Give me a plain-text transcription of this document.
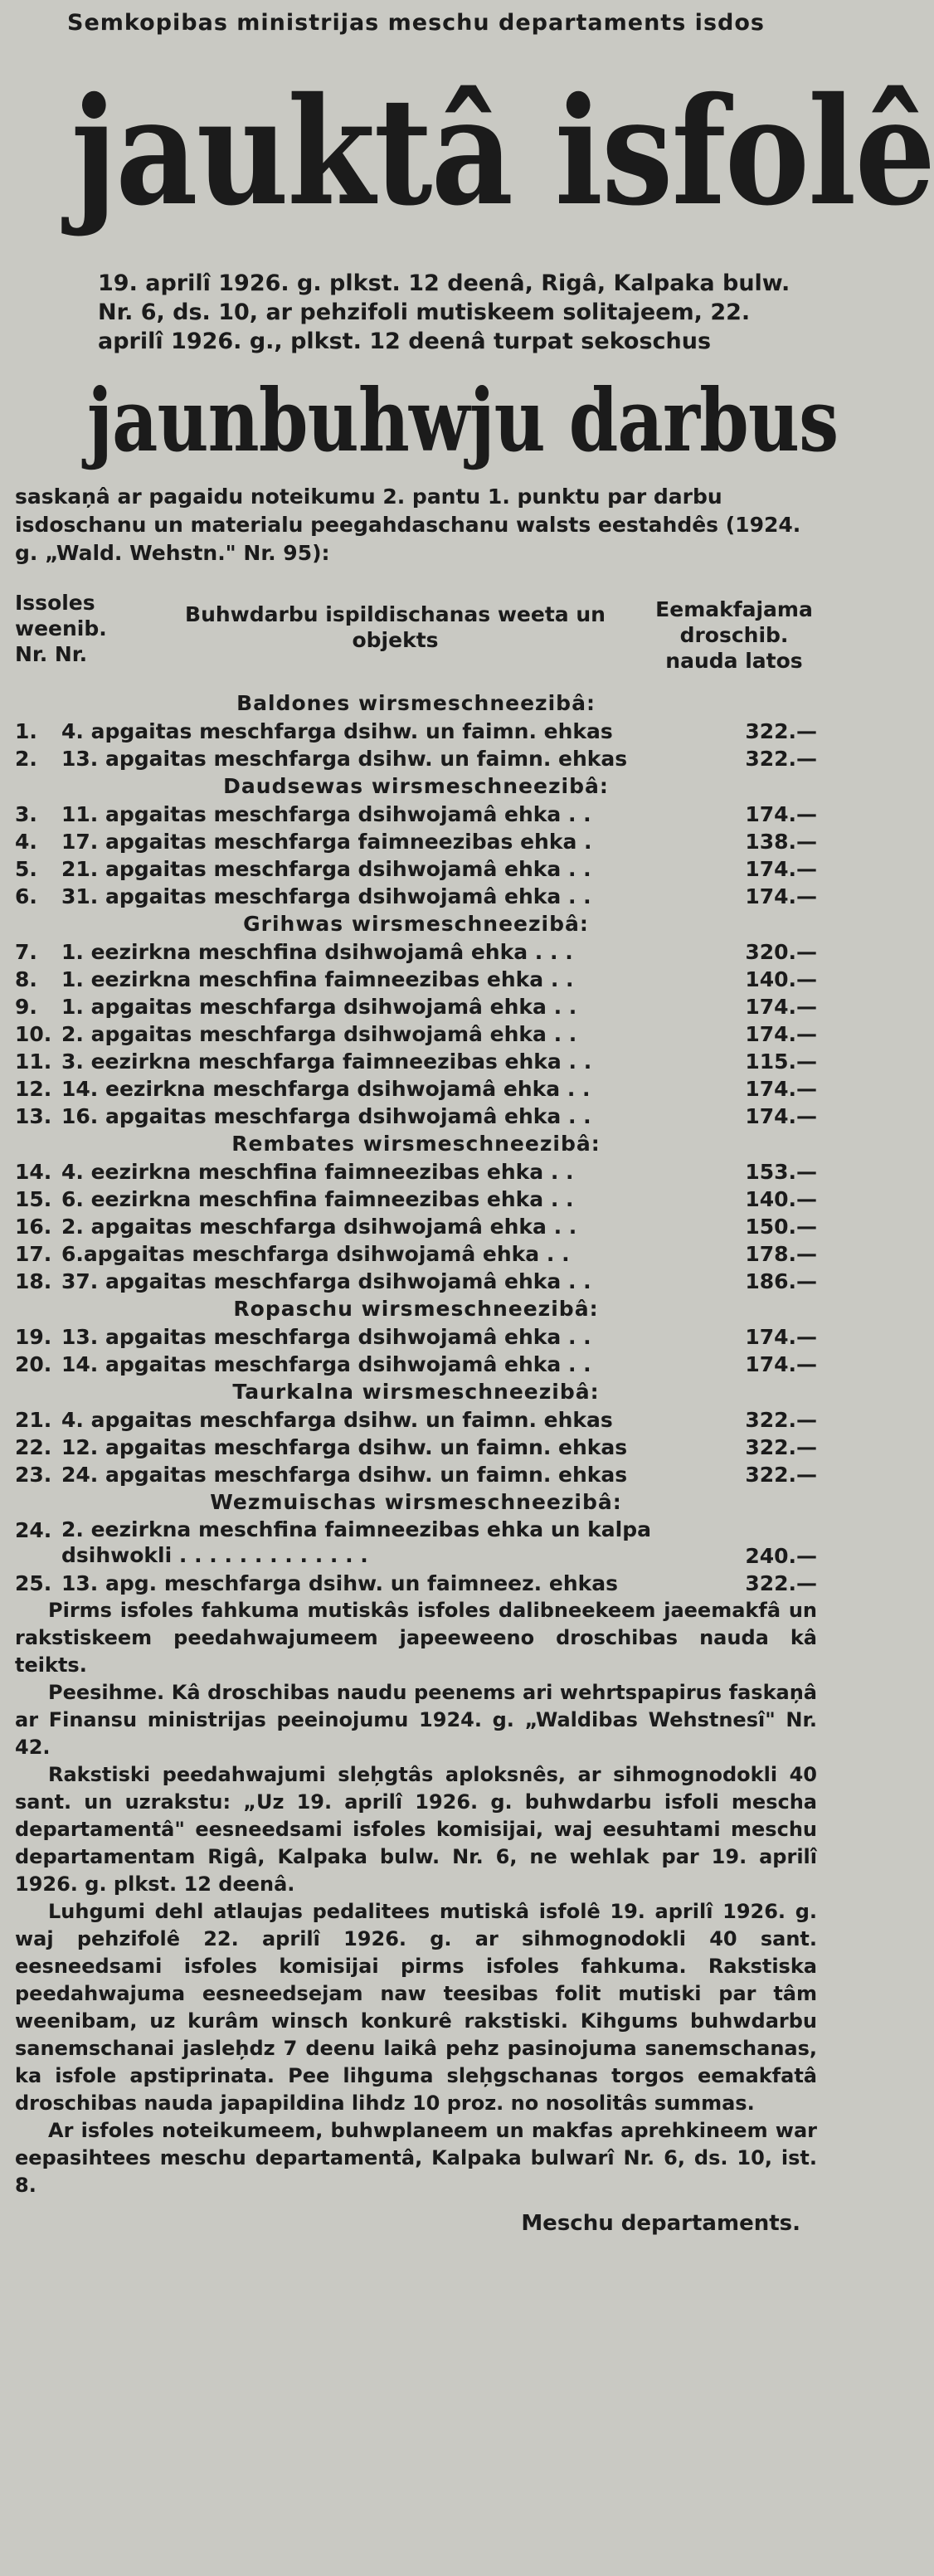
Semkopibas ministrijas meschu departaments isdos
jauktâ isfolê
19. aprilî 1926. g. plkst. 12 deenâ, Rigâ, Kalpaka bulw. Nr. 6, ds. 10, ar pehzifoli mutiskeem solitajeem, 22. aprilî 1926. g., plkst. 12 deenâ turpat sekoschus
jaunbuhwju darbus
saskaņâ ar pagaidu noteikumu 2. pantu 1. punktu par darbu isdoschanu un materialu peegahdaschanu walsts eestahdês (1924. g. „Wald. Wehstn." Nr. 95):
Issoles weenib. Nr. Nr.
Buhwdarbu ispildischanas weeta un objekts
Eemakfajama droschib. nauda latos
Baldones wirsmeschneezibâ:
1.	4. apgaitas meschfarga dsihw. un faimn. ehkas	322.—
2.	13. apgaitas meschfarga dsihw. un faimn. ehkas	322.—
Daudsewas wirsmeschneezibâ:
3.	11. apgaitas meschfarga dsihwojamâ ehka . .	174.—
4.	17. apgaitas meschfarga faimneezibas ehka .	138.—
5.	21. apgaitas meschfarga dsihwojamâ ehka . .	174.—
6.	31. apgaitas meschfarga dsihwojamâ ehka . .	174.—
Grihwas wirsmeschneezibâ:
7.	1. eezirkna meschfina dsihwojamâ ehka . . .	320.—
8.	1. eezirkna meschfina faimneezibas ehka . .	140.—
9.	1. apgaitas meschfarga dsihwojamâ ehka . .	174.—
10. 2. apgaitas meschfarga dsihwojamâ ehka . .	174.—
11. 3. eezirkna meschfarga faimneezibas ehka . .	115.—
12. 14. eezirkna meschfarga dsihwojamâ ehka . .	174.—
13. 16. apgaitas meschfarga dsihwojamâ ehka . .	174.—
Rembates wirsmeschneezibâ:
14. 4. eezirkna meschfina faimneezibas ehka . .	153.—
15. 6. eezirkna meschfina faimneezibas ehka . .	140.—
16. 2. apgaitas meschfarga dsihwojamâ ehka . .	150.—
17. 6.apgaitas meschfarga dsihwojamâ ehka . .	178.—
18. 37. apgaitas meschfarga dsihwojamâ ehka . .	186.—
Ropaschu wirsmeschneezibâ:
19. 13. apgaitas meschfarga dsihwojamâ ehka . .	174.—
20. 14. apgaitas meschfarga dsihwojamâ ehka . .	174.—
Taurkalna wirsmeschneezibâ:
21. 4. apgaitas meschfarga dsihw. un faimn. ehkas	322.—
22. 12. apgaitas meschfarga dsihw. un faimn. ehkas	322.—
23. 24. apgaitas meschfarga dsihw. un faimn. ehkas	322.—
Wezmuischas wirsmeschneezibâ:
24. 2. eezirkna meschfina faimneezibas ehka un kalpa dsihwokli . . . . . . . . . . . . .	240.—
25. 13. apg. meschfarga dsihw. un faimneez. ehkas	322.—
Pirms isfoles fahkuma mutiskâs isfoles dalibneekeem jaeemakfâ un rakstiskeem peedahwajumeem japeeweeno droschibas nauda kâ teikts.
Peesihme. Kâ droschibas naudu peenems ari wehrtspapirus faskaņâ ar Finansu ministrijas peeinojumu 1924. g. „Waldibas Wehstnesî" Nr. 42.
Rakstiski peedahwajumi sleh̦gtâs aploksnês, ar sihmognodokli 40 sant. un uzrakstu: „Uz 19. aprilî 1926. g. buhwdarbu isfoli mescha departamentâ" eesneedsami isfoles komisijai, waj eesuhtami meschu departamentam Rigâ, Kalpaka bulw. Nr. 6, ne wehlak par 19. aprilî 1926. g. plkst. 12 deenâ.
Luhgumi dehl atlaujas pedalitees mutiskâ isfolê 19. aprilî 1926. g. waj pehzifolê 22. aprilî 1926. g. ar sihmognodokli 40 sant. eesneedsami isfoles komisijai pirms isfoles fahkuma. Rakstiska peedahwajuma eesneedsejam naw teesibas folit mutiski par tâm weenibam, uz kurâm winsch konkurê rakstiski. Kihgums buhwdarbu sanemschanai jasleh̦dz 7 deenu laikâ pehz pasinojuma sanemschanas, ka isfole apstiprinata. Pee lihguma sleh̦gschanas torgos eemakfatâ droschibas nauda japapildina lihdz 10 proz. no nosolitâs summas.
Ar isfoles noteikumeem, buhwplaneem un makfas aprehkineem war eepasihtees meschu departamentâ, Kalpaka bulwarî Nr. 6, ds. 10, ist. 8.
Meschu departaments.
